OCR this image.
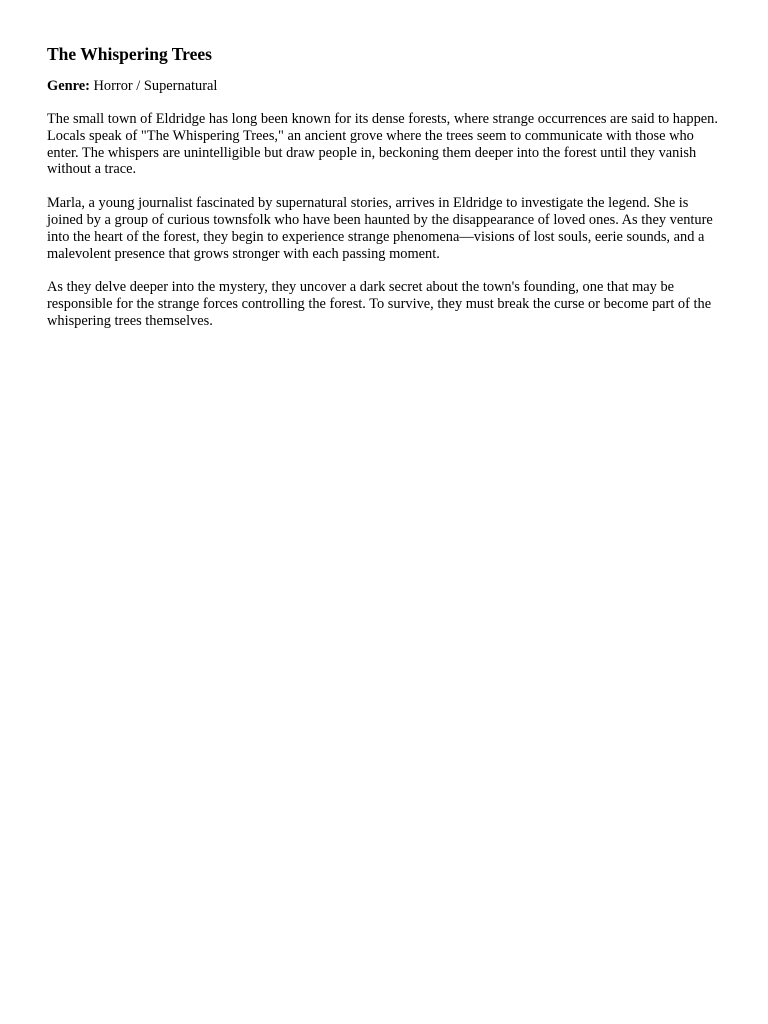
The Whispering Trees

Genre: Horror / Supernatural

The small town of Eldridge has long been known for its dense forests, where strange occurrences are said to happen. Locals speak of "The Whispering Trees," an ancient grove where the trees seem to communicate with those who enter. The whispers are unintelligible but draw people in, beckoning them deeper into the forest until they vanish without a trace.

Marla, a young journalist fascinated by supernatural stories, arrives in Eldridge to investigate the legend. She is joined by a group of curious townsfolk who have been haunted by the disappearance of loved ones. As they venture into the heart of the forest, they begin to experience strange phenomena—visions of lost souls, eerie sounds, and a malevolent presence that grows stronger with each passing moment.

As they delve deeper into the mystery, they uncover a dark secret about the town's founding, one that may be responsible for the strange forces controlling the forest. To survive, they must break the curse or become part of the whispering trees themselves.
